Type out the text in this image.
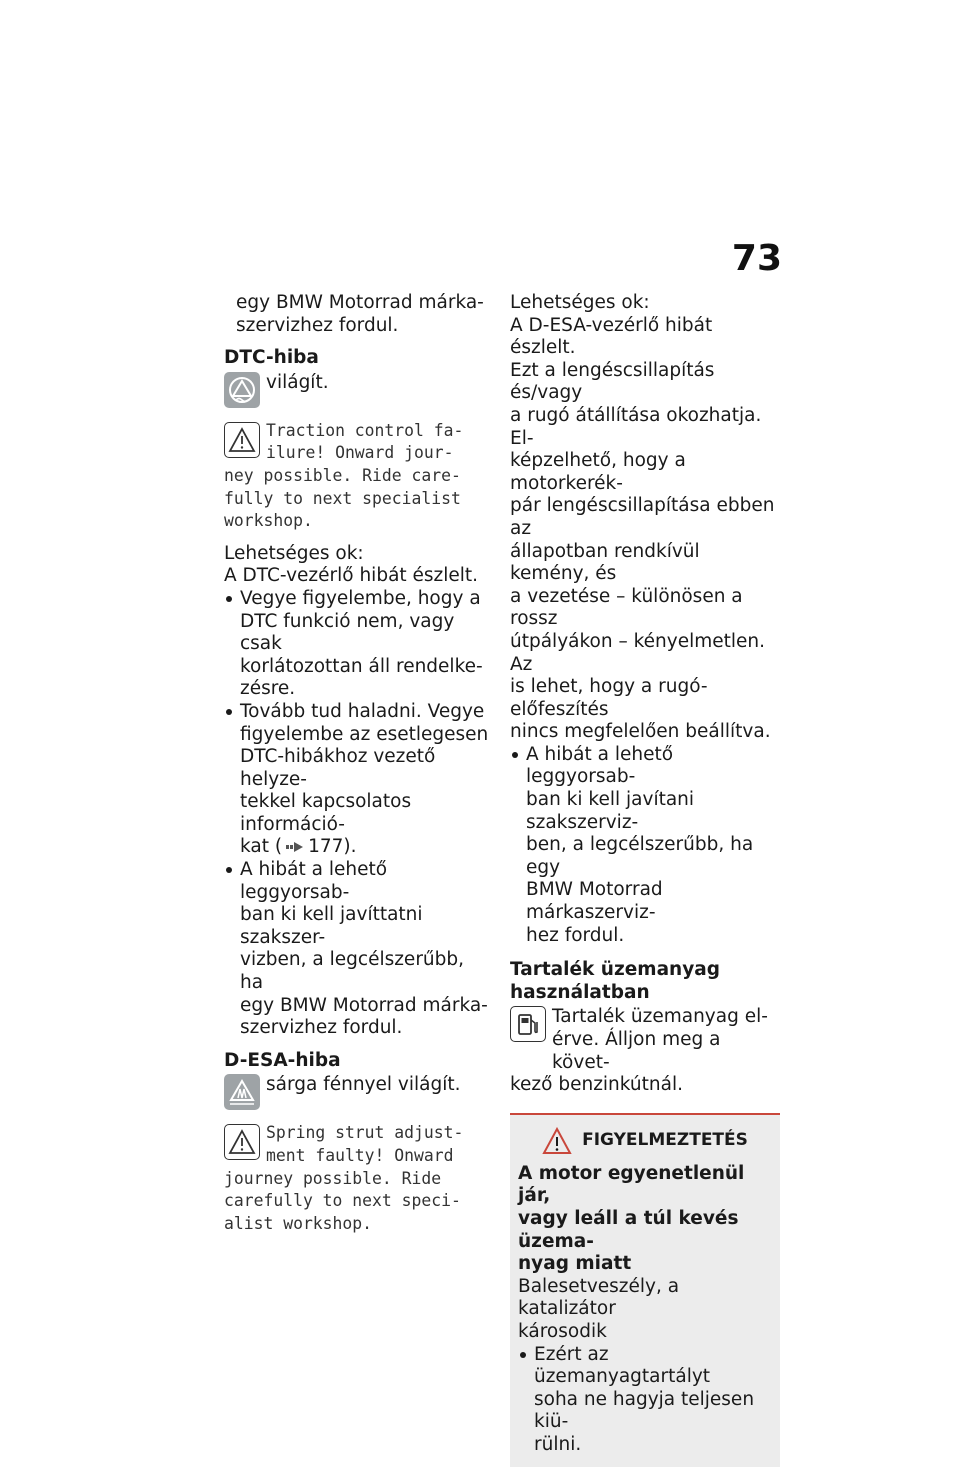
73

egy BMW Motorrad márka-

szervizhez fordul.

DTC-hiba
világít.
Traction control fa-
ilure! Onward jour-
ney possible. Ride care-
fully to next specialist
workshop.

Lehetséges ok:

A DTC-vezérlő hibát észlelt.

Vegye figyelembe, hogy a
DTC funkció nem, vagy csak
korlátozottan áll rendelke-
zésre.
Tovább tud haladni. Vegye
figyelembe az esetlegesen
DTC-hibákhoz vezető helyze-
tekkel kapcsolatos információ-
kat ( 177).
A hibát a lehető leggyorsab-
ban ki kell javíttatni szakszer-
vizben, a legcélszerűbb, ha
egy BMW Motorrad márka-
szervizhez fordul.
D-ESA-hiba
sárga fénnyel világít.
Spring strut adjust-
ment faulty! Onward
journey possible. Ride
carefully to next speci-
alist workshop.

Lehetséges ok:

A D-ESA-vezérlő hibát észlelt.

Ezt a lengéscsillapítás és/vagy

a rugó átállítása okozhatja. El-

képzelhető, hogy a motorkerék-

pár lengéscsillapítása ebben az

állapotban rendkívül kemény, és

a vezetése – különösen a rossz

útpályákon – kényelmetlen. Az

is lehet, hogy a rugó-előfeszítés

nincs megfelelően beállítva.

A hibát a lehető leggyorsab-
ban ki kell javítani szakszerviz-
ben, a legcélszerűbb, ha egy
BMW Motorrad márkaszerviz-
hez fordul.
Tartalék üzemanyag
használatban
Tartalék üzemanyag el-
érve. Álljon meg a követ-
kező benzinkútnál.
FIGYELMEZTETÉS

A motor egyenetlenül jár,

vagy leáll a túl kevés üzema-

nyag miatt

Balesetveszély, a katalizátor

károsodik

Ezért az üzemanyagtartályt
soha ne hagyja teljesen kiü-
rülni.
